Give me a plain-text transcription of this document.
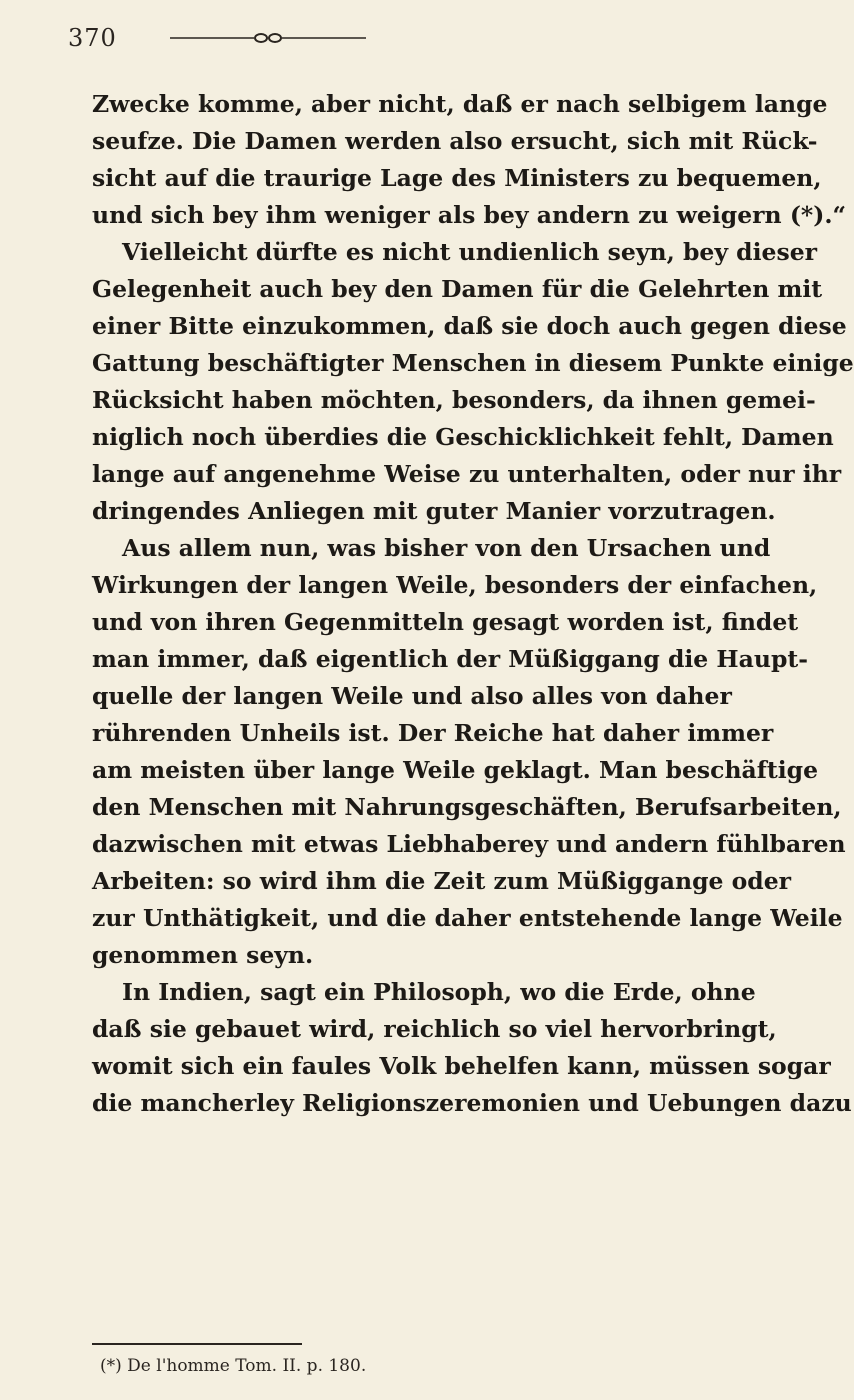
370
Zwecke komme, aber nicht, daß er nach selbigem lange
seufze. Die Damen werden also ersucht, sich mit Rück-
sicht auf die traurige Lage des Ministers zu bequemen,
und sich bey ihm weniger als bey andern zu weigern (*).“
Vielleicht dürfte es nicht undienlich seyn, bey dieser
Gelegenheit auch bey den Damen für die Gelehrten mit
einer Bitte einzukommen, daß sie doch auch gegen diese
Gattung beschäftigter Menschen in diesem Punkte einige
Rücksicht haben möchten, besonders, da ihnen gemei-
niglich noch überdies die Geschicklichkeit fehlt, Damen
lange auf angenehme Weise zu unterhalten, oder nur ihr
dringendes Anliegen mit guter Manier vorzutragen.
Aus allem nun, was bisher von den Ursachen und
Wirkungen der langen Weile, besonders der einfachen,
und von ihren Gegenmitteln gesagt worden ist, findet
man immer, daß eigentlich der Müßiggang die Haupt-
quelle der langen Weile und also alles von daher
rührenden Unheils ist. Der Reiche hat daher immer
am meisten über lange Weile geklagt. Man beschäftige
den Menschen mit Nahrungsgeschäften, Berufsarbeiten,
dazwischen mit etwas Liebhaberey und andern fühlbaren
Arbeiten: so wird ihm die Zeit zum Müßiggange oder
zur Unthätigkeit, und die daher entstehende lange Weile
genommen seyn.
In Indien, sagt ein Philosoph, wo die Erde, ohne
daß sie gebauet wird, reichlich so viel hervorbringt,
womit sich ein faules Volk behelfen kann, müssen sogar
die mancherley Religionszeremonien und Uebungen dazu
(*) De l'homme Tom. II. p. 180.
